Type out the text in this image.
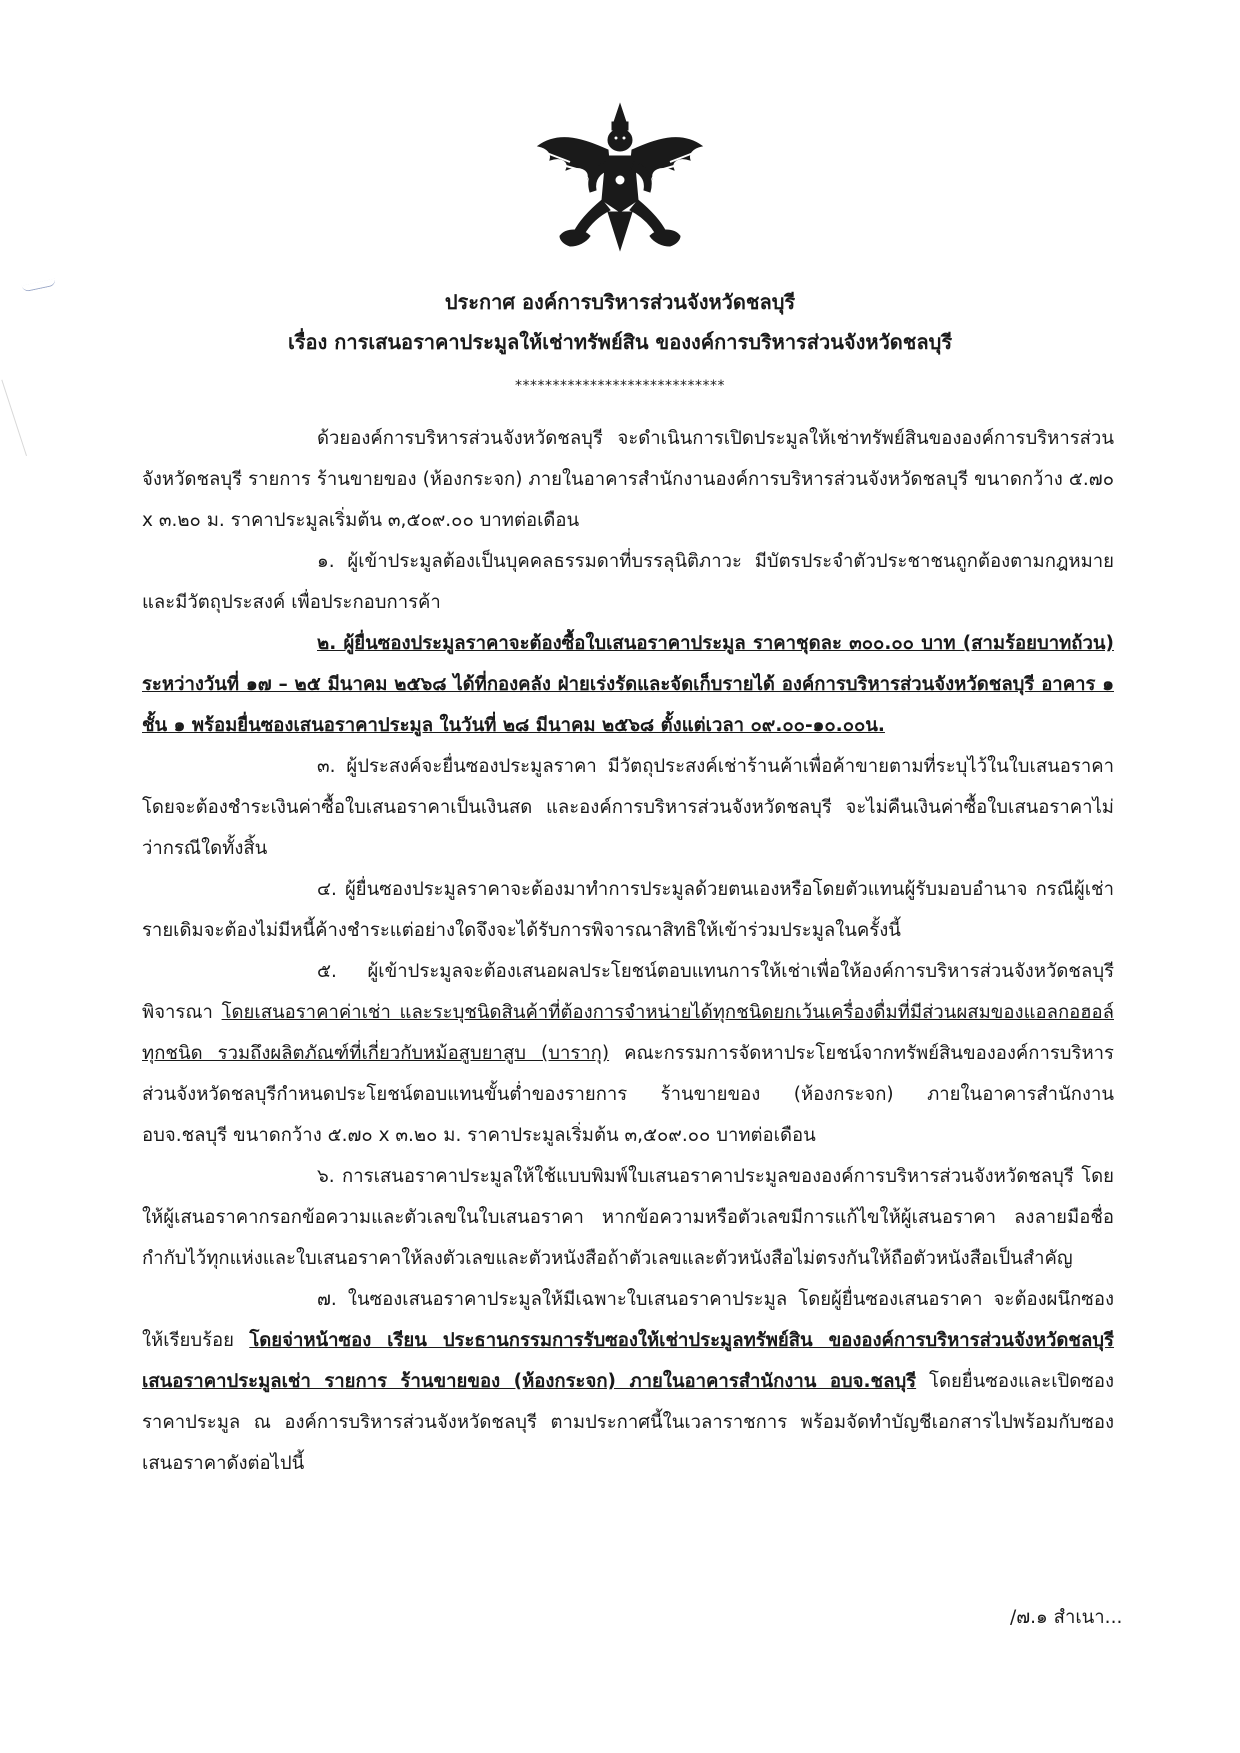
ประกาศ องค์การบริหารส่วนจังหวัดชลบุรี
เรื่อง การเสนอราคาประมูลให้เช่าทรัพย์สิน ของงค์การบริหารส่วนจังหวัดชลบุรี
****************************

ด้วยองค์การบริหารส่วนจังหวัดชลบุรี จะดำเนินการเปิดประมูลให้เช่าทรัพย์สินขององค์การบริหารส่วนจังหวัดชลบุรี รายการ ร้านขายของ (ห้องกระจก) ภายในอาคารสำนักงานองค์การบริหารส่วนจังหวัดชลบุรี ขนาดกว้าง ๕.๗๐ x ๓.๒๐ ม. ราคาประมูลเริ่มต้น ๓,๕๐๙.๐๐ บาทต่อเดือน

๑. ผู้เข้าประมูลต้องเป็นบุคคลธรรมดาที่บรรลุนิติภาวะ มีบัตรประจำตัวประชาชนถูกต้องตามกฎหมายและมีวัตถุประสงค์ เพื่อประกอบการค้า

๒. ผู้ยื่นซองประมูลราคาจะต้องซื้อใบเสนอราคาประมูล ราคาชุดละ ๓๐๐.๐๐ บาท (สามร้อยบาทถ้วน) ระหว่างวันที่ ๑๗ – ๒๕ มีนาคม ๒๕๖๘ ได้ที่กองคลัง ฝ่ายเร่งรัดและจัดเก็บรายได้ องค์การบริหารส่วนจังหวัดชลบุรี อาคาร ๑ ชั้น ๑ พร้อมยื่นซองเสนอราคาประมูล ในวันที่ ๒๘ มีนาคม ๒๕๖๘ ตั้งแต่เวลา ๐๙.๐๐-๑๐.๐๐น.

๓. ผู้ประสงค์จะยื่นซองประมูลราคา มีวัตถุประสงค์เช่าร้านค้าเพื่อค้าขายตามที่ระบุไว้ในใบเสนอราคา โดยจะต้องชำระเงินค่าซื้อใบเสนอราคาเป็นเงินสด และองค์การบริหารส่วนจังหวัดชลบุรี จะไม่คืนเงินค่าซื้อใบเสนอราคาไม่ว่ากรณีใดทั้งสิ้น

๔. ผู้ยื่นซองประมูลราคาจะต้องมาทำการประมูลด้วยตนเองหรือโดยตัวแทนผู้รับมอบอำนาจ กรณีผู้เช่ารายเดิมจะต้องไม่มีหนี้ค้างชำระแต่อย่างใดจึงจะได้รับการพิจารณาสิทธิให้เข้าร่วมประมูลในครั้งนี้

๕. ผู้เข้าประมูลจะต้องเสนอผลประโยชน์ตอบแทนการให้เช่าเพื่อให้องค์การบริหารส่วนจังหวัดชลบุรีพิจารณา โดยเสนอราคาค่าเช่า และระบุชนิดสินค้าที่ต้องการจำหน่ายได้ทุกชนิดยกเว้นเครื่องดื่มที่มีส่วนผสมของแอลกอฮอล์ทุกชนิด รวมถึงผลิตภัณฑ์ที่เกี่ยวกับหม้อสูบยาสูบ (บารากุ) คณะกรรมการจัดหาประโยชน์จากทรัพย์สินขององค์การบริหารส่วนจังหวัดชลบุรีกำหนดประโยชน์ตอบแทนขั้นต่ำของรายการ ร้านขายของ (ห้องกระจก) ภายในอาคารสำนักงาน อบจ.ชลบุรี ขนาดกว้าง ๕.๗๐ x ๓.๒๐ ม. ราคาประมูลเริ่มต้น ๓,๕๐๙.๐๐ บาทต่อเดือน

๖. การเสนอราคาประมูลให้ใช้แบบพิมพ์ใบเสนอราคาประมูลขององค์การบริหารส่วนจังหวัดชลบุรี โดยให้ผู้เสนอราคากรอกข้อความและตัวเลขในใบเสนอราคา หากข้อความหรือตัวเลขมีการแก้ไขให้ผู้เสนอราคา ลงลายมือชื่อกำกับไว้ทุกแห่งและใบเสนอราคาให้ลงตัวเลขและตัวหนังสือถ้าตัวเลขและตัวหนังสือไม่ตรงกันให้ถือตัวหนังสือเป็นสำคัญ

๗. ในซองเสนอราคาประมูลให้มีเฉพาะใบเสนอราคาประมูล โดยผู้ยื่นซองเสนอราคา จะต้องผนึกซองให้เรียบร้อย โดยจ่าหน้าซอง เรียน ประธานกรรมการรับซองให้เช่าประมูลทรัพย์สิน ขององค์การบริหารส่วนจังหวัดชลบุรี เสนอราคาประมูลเช่า รายการ ร้านขายของ (ห้องกระจก) ภายในอาคารสำนักงาน อบจ.ชลบุรี โดยยื่นซองและเปิดซองราคาประมูล ณ องค์การบริหารส่วนจังหวัดชลบุรี ตามประกาศนี้ในเวลาราชการ พร้อมจัดทำบัญชีเอกสารไปพร้อมกับซองเสนอราคาดังต่อไปนี้

/๗.๑ สำเนา...
